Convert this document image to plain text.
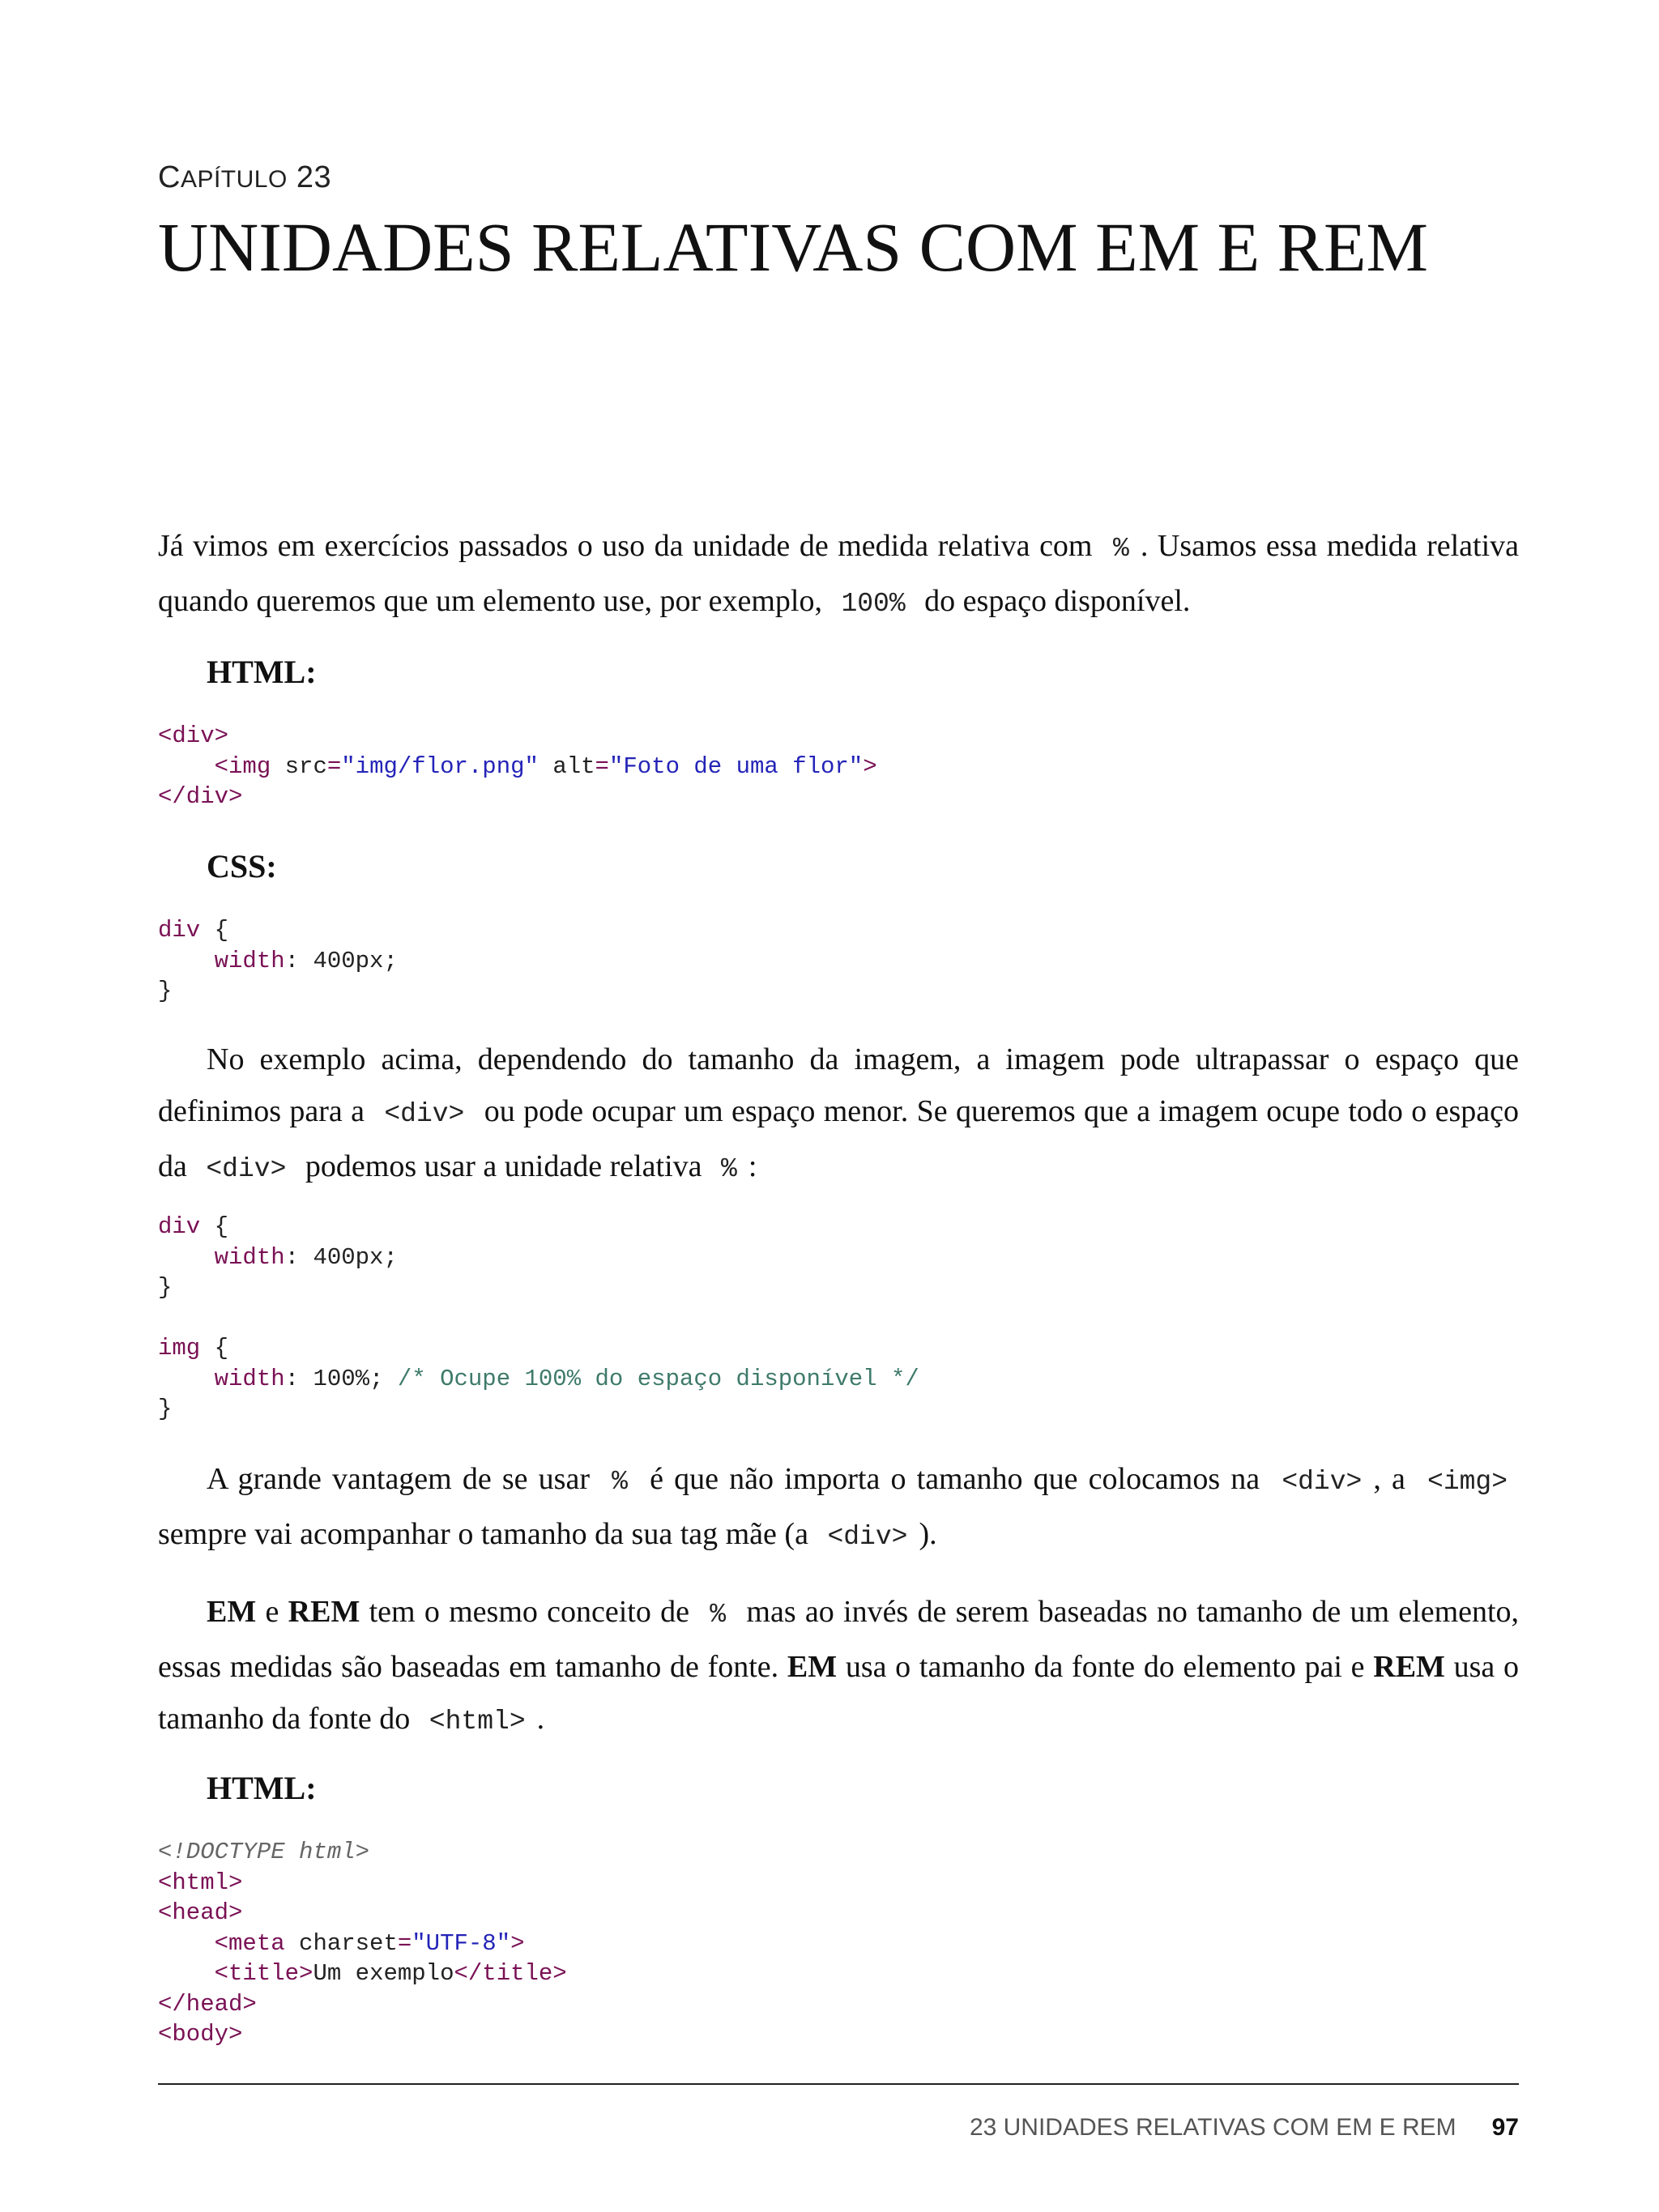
CAPÍTULO 23
UNIDADES RELATIVAS COM EM E REM

Já vimos em exercícios passados o uso da unidade de medida relativa com % . Usamos essa medida relativa quando queremos que um elemento use, por exemplo, 100% do espaço disponível.

HTML:

<div>
<img src="img/flor.png" alt="Foto de uma flor">
</div>

CSS:

div {
width: 400px;
}

No exemplo acima, dependendo do tamanho da imagem, a imagem pode ultrapassar o espaço que definimos para a <div> ou pode ocupar um espaço menor. Se queremos que a imagem ocupe todo o espaço da <div> podemos usar a unidade relativa % :

div {
width: 400px;
}

img {
width: 100%; /* Ocupe 100% do espaço disponível */
}

A grande vantagem de se usar % é que não importa o tamanho que colocamos na <div> , a <img> sempre vai acompanhar o tamanho da sua tag mãe (a <div> ).

EM e REM tem o mesmo conceito de % mas ao invés de serem baseadas no tamanho de um elemento, essas medidas são baseadas em tamanho de fonte. EM usa o tamanho da fonte do elemento pai e REM usa o tamanho da fonte do <html> .

HTML:

<!DOCTYPE html>
<html>
<head>
<meta charset="UTF-8">
<title>Um exemplo</title>
</head>
<body>
23 UNIDADES RELATIVAS COM EM E REM 97
